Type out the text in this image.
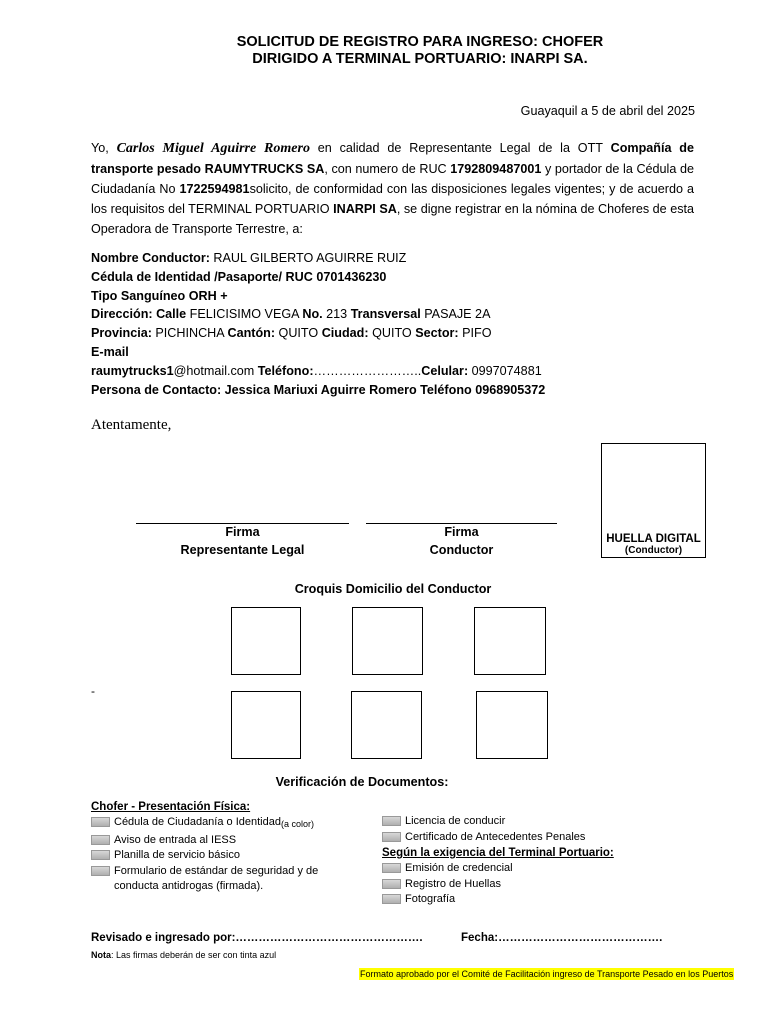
SOLICITUD DE REGISTRO PARA INGRESO: CHOFER
DIRIGIDO A TERMINAL PORTUARIO: INARPI SA.
Guayaquil a 5 de abril del 2025
Yo, Carlos Miguel Aguirre Romero en calidad de Representante Legal de la OTT Compañía de transporte pesado RAUMYTRUCKS SA, con numero de RUC 1792809487001 y portador de la Cédula de Ciudadanía No 1722594981solicito, de conformidad con las disposiciones legales vigentes; y de acuerdo a los requisitos del TERMINAL PORTUARIO INARPI SA, se digne registrar en la nómina de Choferes de esta Operadora de Transporte Terrestre, a:
Nombre Conductor: RAUL GILBERTO AGUIRRE RUIZ
Cédula de Identidad /Pasaporte/ RUC 0701436230
Tipo Sanguíneo ORH +
Dirección: Calle FELICISIMO VEGA No. 213 Transversal PASAJE 2A
Provincia: PICHINCHA Cantón: QUITO Ciudad: QUITO Sector: PIFO
E-mail
raumytrucks1@hotmail.com Teléfono:……………………..Celular: 0997074881
Persona de Contacto: Jessica Mariuxi Aguirre Romero Teléfono 0968905372
Atentamente,
Firma
Representante Legal
Firma
Conductor
HUELLA DIGITAL
(Conductor)
Croquis Domicilio del Conductor
-
Verificación de Documentos:
Chofer - Presentación Física:
Cédula de Ciudadanía o Identidad (a color)
Aviso de entrada al IESS
Planilla de servicio básico
Formulario de estándar de seguridad y de
conducta antidrogas (firmada).
Licencia de conducir
Certificado de Antecedentes Penales
Según la exigencia del Terminal Portuario:
Emisión de credencial
Registro de Huellas
Fotografía
Revisado e ingresado por:………………………………………….	Fecha:…………………………………….
Nota: Las firmas deberán de ser con tinta azul
Formato aprobado por el Comité de Facilitación ingreso de Transporte Pesado en los Puertos
